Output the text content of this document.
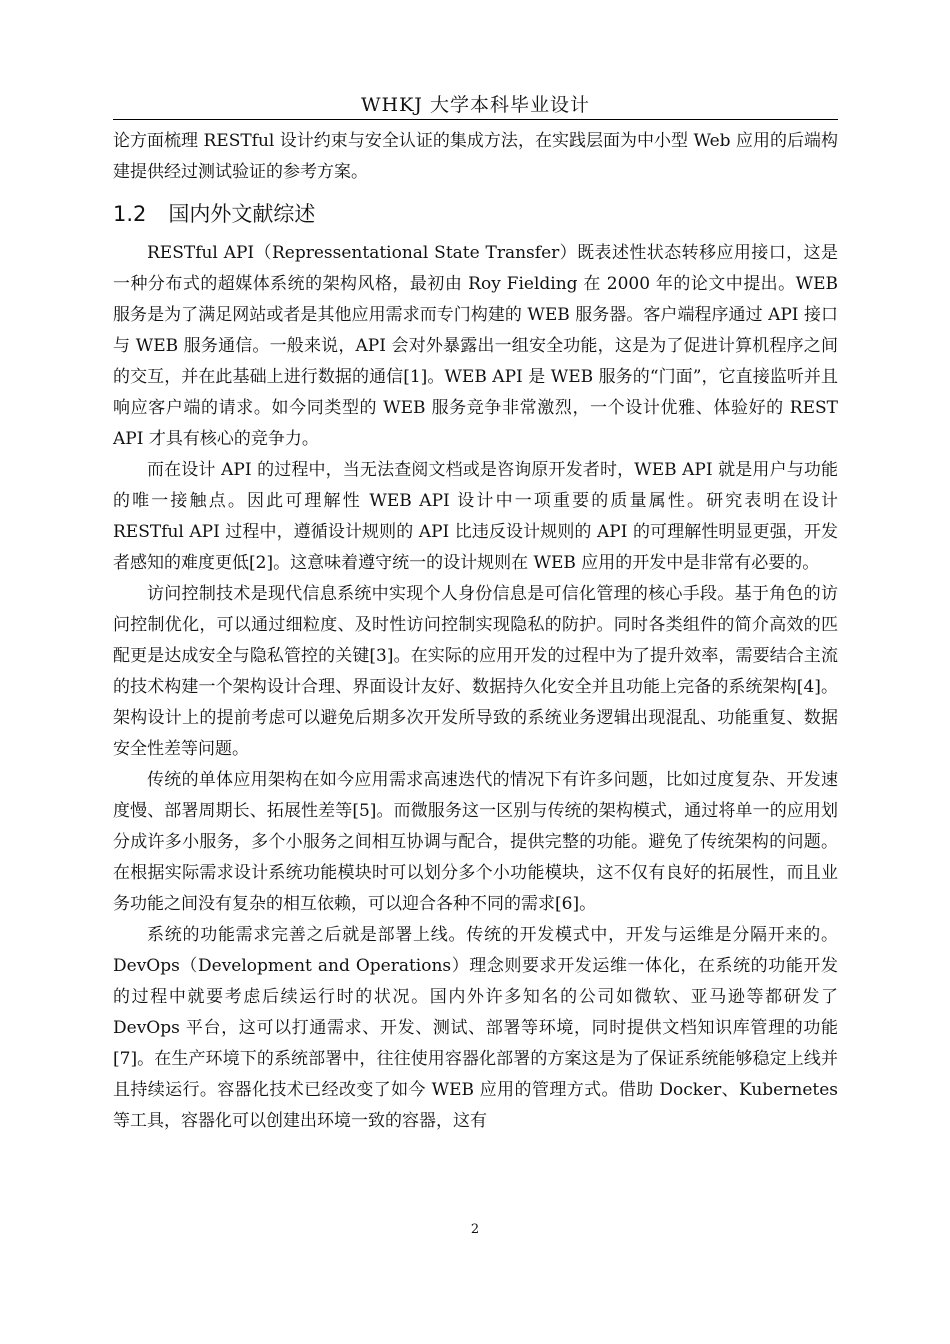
WHKJ 大学本科毕业设计

论方面梳理 RESTful 设计约束与安全认证的集成方法，在实践层面为中小型 Web 应用的后端构建提供经过测试验证的参考方案。

1.2 国内外文献综述

RESTful API（Repressentational State Transfer）既表述性状态转移应用接口，这是一种分布式的超媒体系统的架构风格，最初由 Roy Fielding 在 2000 年的论文中提出。WEB 服务是为了满足网站或者是其他应用需求而专门构建的 WEB 服务器。客户端程序通过 API 接口与 WEB 服务通信。一般来说，API 会对外暴露出一组安全功能，这是为了促进计算机程序之间的交互，并在此基础上进行数据的通信[1]。WEB API 是 WEB 服务的“门面”，它直接监听并且响应客户端的请求。如今同类型的 WEB 服务竞争非常激烈，一个设计优雅、体验好的 REST API 才具有核心的竞争力。

而在设计 API 的过程中，当无法查阅文档或是咨询原开发者时，WEB API 就是用户与功能的唯一接触点。因此可理解性 WEB API 设计中一项重要的质量属性。研究表明在设计 RESTful API 过程中，遵循设计规则的 API 比违反设计规则的 API 的可理解性明显更强，开发者感知的难度更低[2]。这意味着遵守统一的设计规则在 WEB 应用的开发中是非常有必要的。

访问控制技术是现代信息系统中实现个人身份信息是可信化管理的核心手段。基于角色的访问控制优化，可以通过细粒度、及时性访问控制实现隐私的防护。同时各类组件的简介高效的匹配更是达成安全与隐私管控的关键[3]。在实际的应用开发的过程中为了提升效率，需要结合主流的技术构建一个架构设计合理、界面设计友好、数据持久化安全并且功能上完备的系统架构[4]。架构设计上的提前考虑可以避免后期多次开发所导致的系统业务逻辑出现混乱、功能重复、数据安全性差等问题。

传统的单体应用架构在如今应用需求高速迭代的情况下有许多问题，比如过度复杂、开发速度慢、部署周期长、拓展性差等[5]。而微服务这一区别与传统的架构模式，通过将单一的应用划分成许多小服务，多个小服务之间相互协调与配合，提供完整的功能。避免了传统架构的问题。在根据实际需求设计系统功能模块时可以划分多个小功能模块，这不仅有良好的拓展性，而且业务功能之间没有复杂的相互依赖，可以迎合各种不同的需求[6]。

系统的功能需求完善之后就是部署上线。传统的开发模式中，开发与运维是分隔开来的。DevOps（Development and Operations）理念则要求开发运维一体化，在系统的功能开发的过程中就要考虑后续运行时的状况。国内外许多知名的公司如微软、亚马逊等都研发了 DevOps 平台，这可以打通需求、开发、测试、部署等环境，同时提供文档知识库管理的功能[7]。在生产环境下的系统部署中，往往使用容器化部署的方案这是为了保证系统能够稳定上线并且持续运行。容器化技术已经改变了如今 WEB 应用的管理方式。借助 Docker、Kubernetes 等工具，容器化可以创建出环境一致的容器，这有

2
